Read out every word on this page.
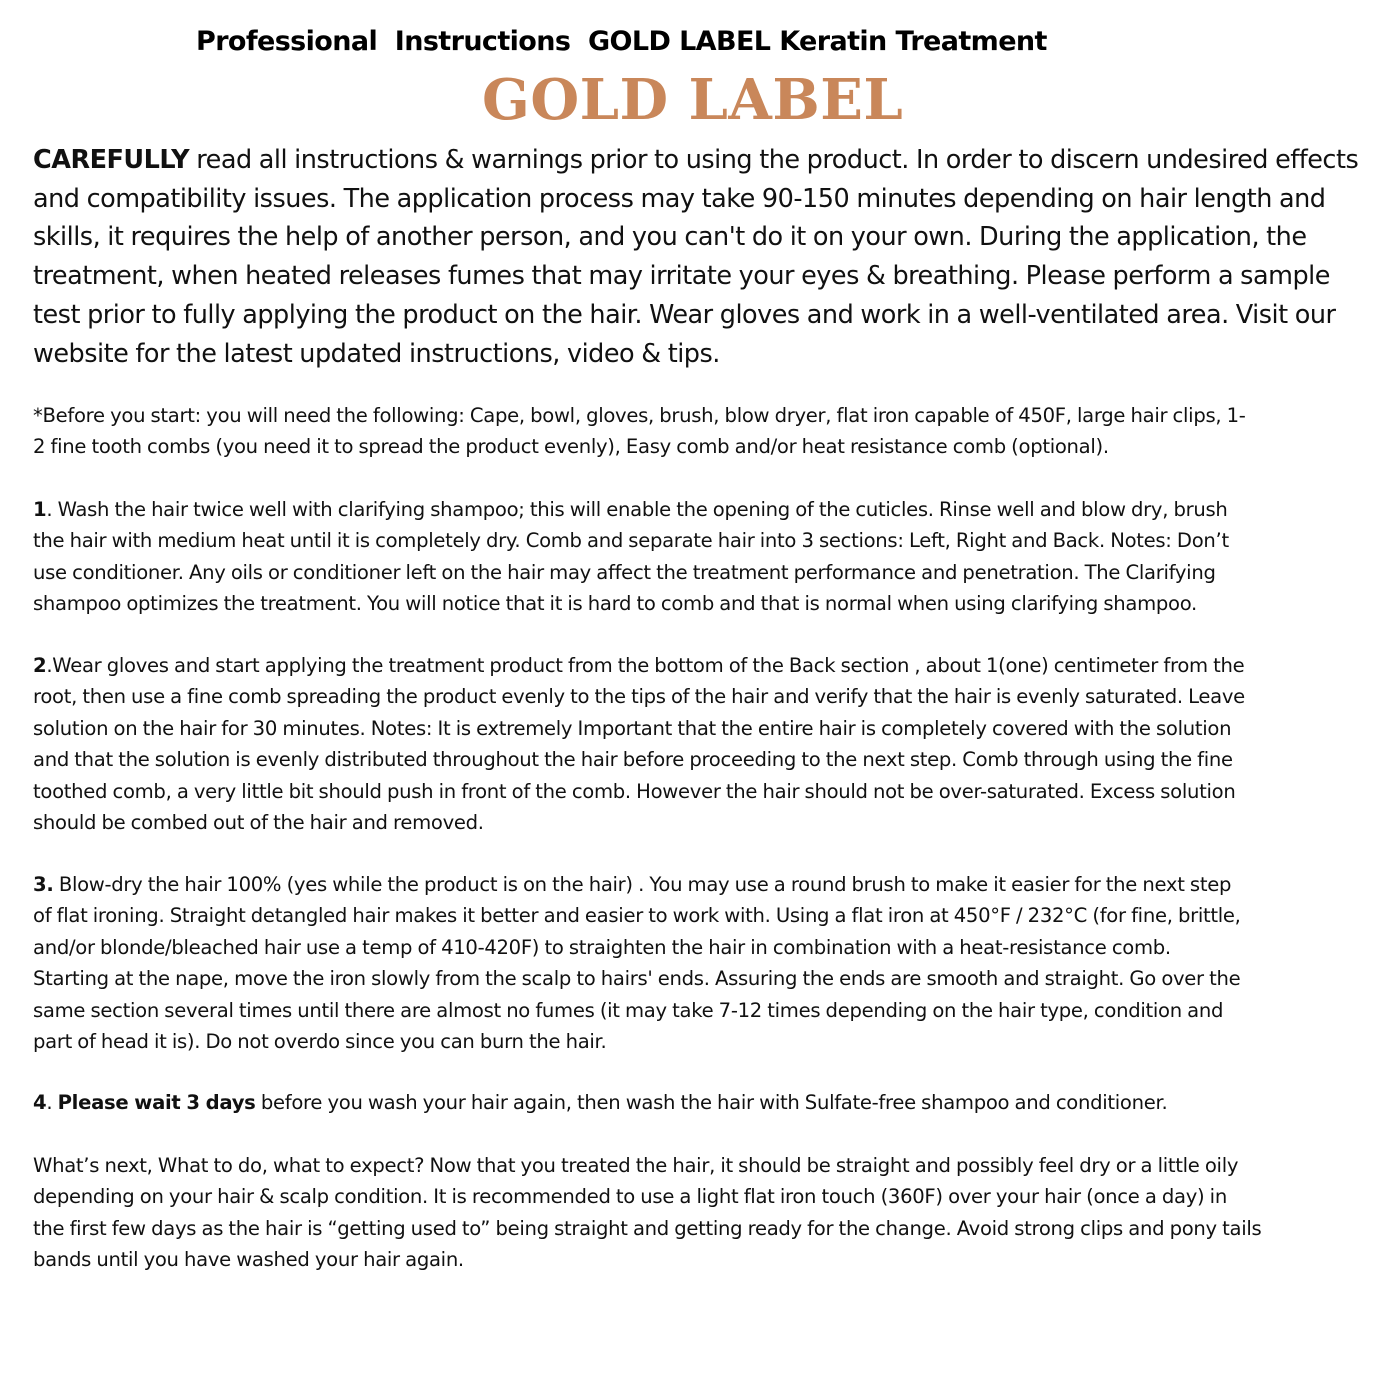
Professional  Instructions  GOLD LABEL Keratin Treatment
GOLD LABEL

CAREFULLY read all instructions & warnings prior to using the product. In order to discern undesired effects and compatibility issues. The application process may take 90-150 minutes depending on hair length and skills, it requires the help of another person, and you can't do it on your own. During the application, the treatment, when heated releases fumes that may irritate your eyes & breathing. Please perform a sample test prior to fully applying the product on the hair. Wear gloves and work in a well-ventilated area. Visit our website for the latest updated instructions, video & tips.

*Before you start: you will need the following: Cape, bowl, gloves, brush, blow dryer, flat iron capable of 450F, large hair clips, 1-
2 fine tooth combs (you need it to spread the product evenly), Easy comb and/or heat resistance comb (optional).

1. Wash the hair twice well with clarifying shampoo; this will enable the opening of the cuticles. Rinse well and blow dry, brush
the hair with medium heat until it is completely dry. Comb and separate hair into 3 sections: Left, Right and Back. Notes: Don’t
use conditioner. Any oils or conditioner left on the hair may affect the treatment performance and penetration. The Clarifying
shampoo optimizes the treatment. You will notice that it is hard to comb and that is normal when using clarifying shampoo.

2.Wear gloves and start applying the treatment product from the bottom of the Back section , about 1(one) centimeter from the
root, then use a fine comb spreading the product evenly to the tips of the hair and verify that the hair is evenly saturated. Leave
solution on the hair for 30 minutes. Notes: It is extremely Important that the entire hair is completely covered with the solution
and that the solution is evenly distributed throughout the hair before proceeding to the next step. Comb through using the fine
toothed comb, a very little bit should push in front of the comb. However the hair should not be over-saturated. Excess solution
should be combed out of the hair and removed.

3. Blow-dry the hair 100% (yes while the product is on the hair) . You may use a round brush to make it easier for the next step
of flat ironing. Straight detangled hair makes it better and easier to work with. Using a flat iron at 450°F / 232°C (for fine, brittle,
and/or blonde/bleached hair use a temp of 410-420F) to straighten the hair in combination with a heat-resistance comb.
Starting at the nape, move the iron slowly from the scalp to hairs' ends. Assuring the ends are smooth and straight. Go over the
same section several times until there are almost no fumes (it may take 7-12 times depending on the hair type, condition and
part of head it is). Do not overdo since you can burn the hair.

4. Please wait 3 days before you wash your hair again, then wash the hair with Sulfate-free shampoo and conditioner.

What’s next, What to do, what to expect? Now that you treated the hair, it should be straight and possibly feel dry or a little oily
depending on your hair & scalp condition. It is recommended to use a light flat iron touch (360F) over your hair (once a day) in
the first few days as the hair is “getting used to” being straight and getting ready for the change. Avoid strong clips and pony tails
bands until you have washed your hair again.
